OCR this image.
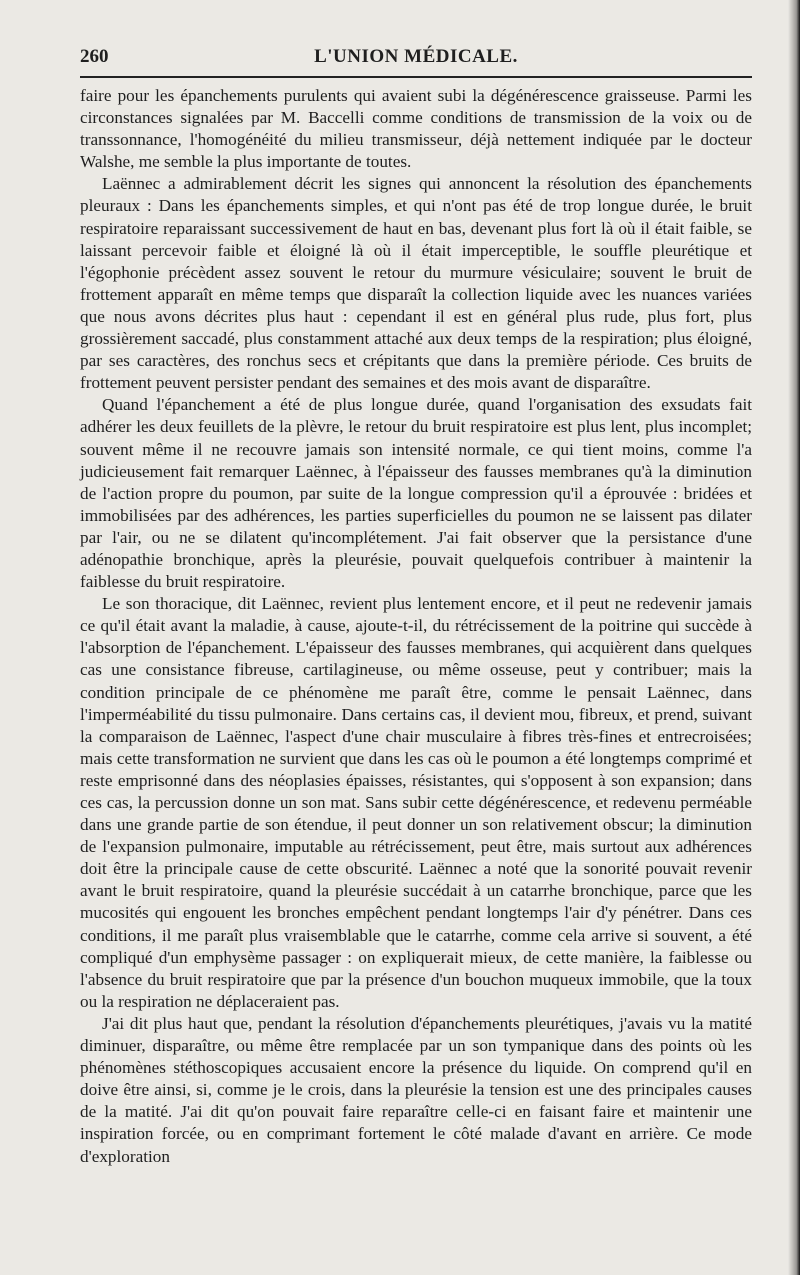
260	L'UNION MÉDICALE.

faire pour les épanchements purulents qui avaient subi la dégénérescence graisseuse. Parmi les circonstances signalées par M. Baccelli comme conditions de transmission de la voix ou de transsonnance, l'homogénéité du milieu transmisseur, déjà nettement indiquée par le docteur Walshe, me semble la plus importante de toutes.

Laënnec a admirablement décrit les signes qui annoncent la résolution des épanchements pleuraux : Dans les épanchements simples, et qui n'ont pas été de trop longue durée, le bruit respiratoire reparaissant successivement de haut en bas, devenant plus fort là où il était faible, se laissant percevoir faible et éloigné là où il était imperceptible, le souffle pleurétique et l'égophonie précèdent assez souvent le retour du murmure vésiculaire; souvent le bruit de frottement apparaît en même temps que disparaît la collection liquide avec les nuances variées que nous avons décrites plus haut : cependant il est en général plus rude, plus fort, plus grossièrement saccadé, plus constamment attaché aux deux temps de la respiration; plus éloigné, par ses caractères, des ronchus secs et crépitants que dans la première période. Ces bruits de frottement peuvent persister pendant des semaines et des mois avant de disparaître.

Quand l'épanchement a été de plus longue durée, quand l'organisation des exsudats fait adhérer les deux feuillets de la plèvre, le retour du bruit respiratoire est plus lent, plus incomplet; souvent même il ne recouvre jamais son intensité normale, ce qui tient moins, comme l'a judicieusement fait remarquer Laënnec, à l'épaisseur des fausses membranes qu'à la diminution de l'action propre du poumon, par suite de la longue compression qu'il a éprouvée : bridées et immobilisées par des adhérences, les parties superficielles du poumon ne se laissent pas dilater par l'air, ou ne se dilatent qu'incomplétement. J'ai fait observer que la persistance d'une adénopathie bronchique, après la pleurésie, pouvait quelquefois contribuer à maintenir la faiblesse du bruit respiratoire.

Le son thoracique, dit Laënnec, revient plus lentement encore, et il peut ne redevenir jamais ce qu'il était avant la maladie, à cause, ajoute-t-il, du rétrécissement de la poitrine qui succède à l'absorption de l'épanchement. L'épaisseur des fausses membranes, qui acquièrent dans quelques cas une consistance fibreuse, cartilagineuse, ou même osseuse, peut y contribuer; mais la condition principale de ce phénomène me paraît être, comme le pensait Laënnec, dans l'imperméabilité du tissu pulmonaire. Dans certains cas, il devient mou, fibreux, et prend, suivant la comparaison de Laënnec, l'aspect d'une chair musculaire à fibres très-fines et entrecroisées; mais cette transformation ne survient que dans les cas où le poumon a été longtemps comprimé et reste emprisonné dans des néoplasies épaisses, résistantes, qui s'opposent à son expansion; dans ces cas, la percussion donne un son mat. Sans subir cette dégénérescence, et redevenu perméable dans une grande partie de son étendue, il peut donner un son relativement obscur; la diminution de l'expansion pulmonaire, imputable au rétrécissement, peut être, mais surtout aux adhérences doit être la principale cause de cette obscurité. Laënnec a noté que la sonorité pouvait revenir avant le bruit respiratoire, quand la pleurésie succédait à un catarrhe bronchique, parce que les mucosités qui engouent les bronches empêchent pendant longtemps l'air d'y pénétrer. Dans ces conditions, il me paraît plus vraisemblable que le catarrhe, comme cela arrive si souvent, a été compliqué d'un emphysème passager : on expliquerait mieux, de cette manière, la faiblesse ou l'absence du bruit respiratoire que par la présence d'un bouchon muqueux immobile, que la toux ou la respiration ne déplaceraient pas.

J'ai dit plus haut que, pendant la résolution d'épanchements pleurétiques, j'avais vu la matité diminuer, disparaître, ou même être remplacée par un son tympanique dans des points où les phénomènes stéthoscopiques accusaient encore la présence du liquide. On comprend qu'il en doive être ainsi, si, comme je le crois, dans la pleurésie la tension est une des principales causes de la matité. J'ai dit qu'on pouvait faire reparaître celle-ci en faisant faire et maintenir une inspiration forcée, ou en comprimant fortement le côté malade d'avant en arrière. Ce mode d'exploration
